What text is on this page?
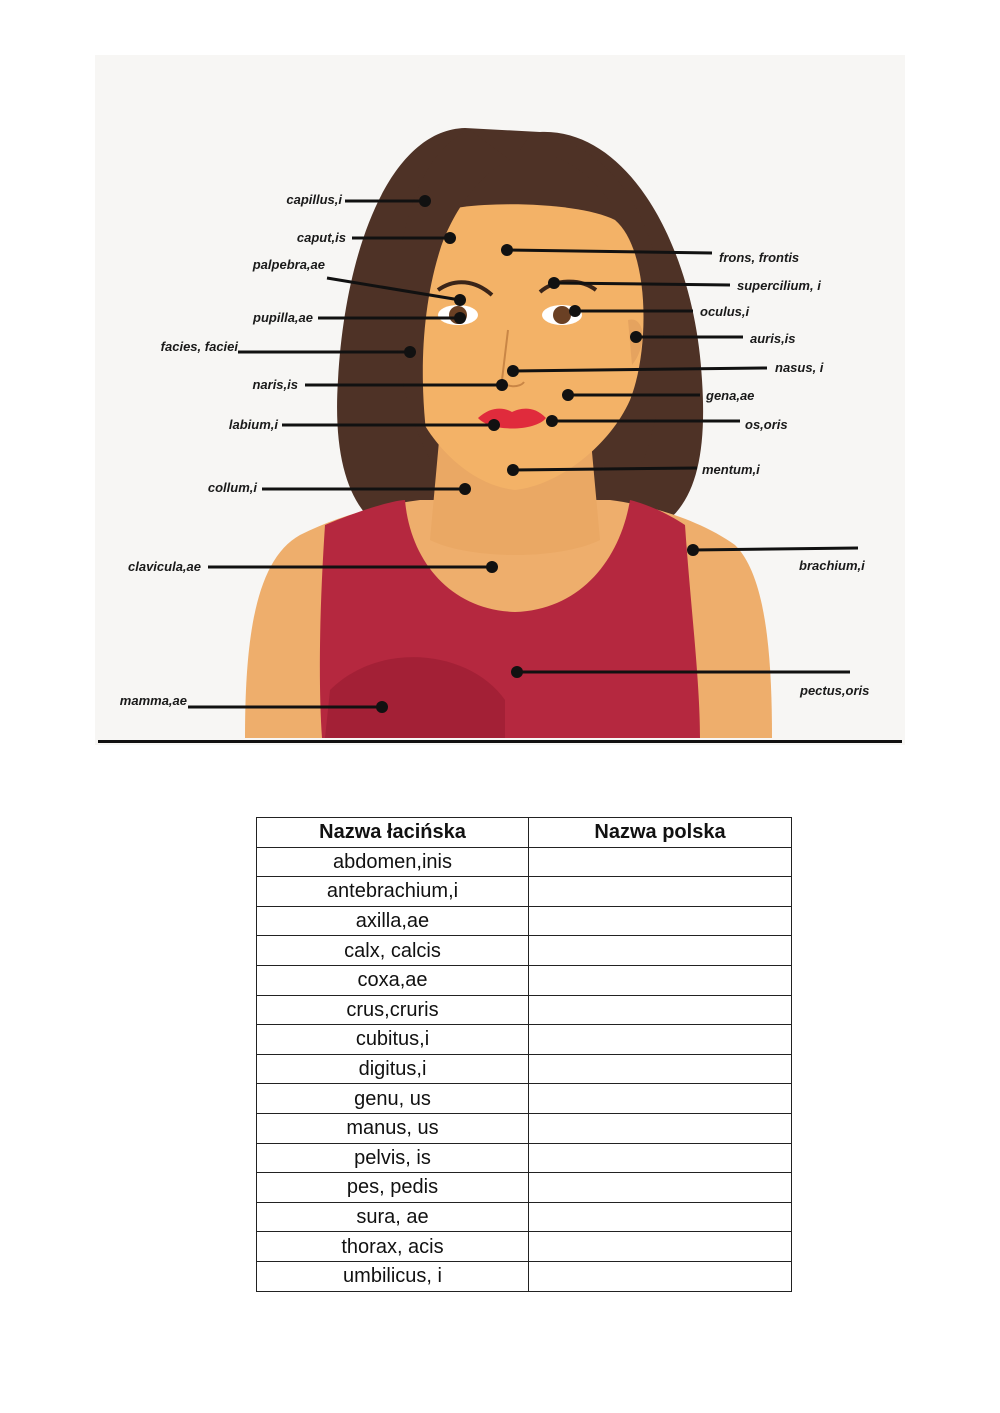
capillus,i
caput,is
palpebra,ae
pupilla,ae
facies, faciei
naris,is
labium,i
collum,i
clavicula,ae
mamma,ae
frons, frontis
supercilium, i
oculus,i
auris,is
nasus, i
gena,ae
os,oris
mentum,i
brachium,i
pectus,oris
Nazwa łacińska	Nazwa polska
abdomen,inis	
antebrachium,i	
axilla,ae	
calx, calcis	
coxa,ae	
crus,cruris	
cubitus,i	
digitus,i	
genu, us	
manus, us	
pelvis, is	
pes, pedis	
sura, ae	
thorax, acis	
umbilicus, i	
